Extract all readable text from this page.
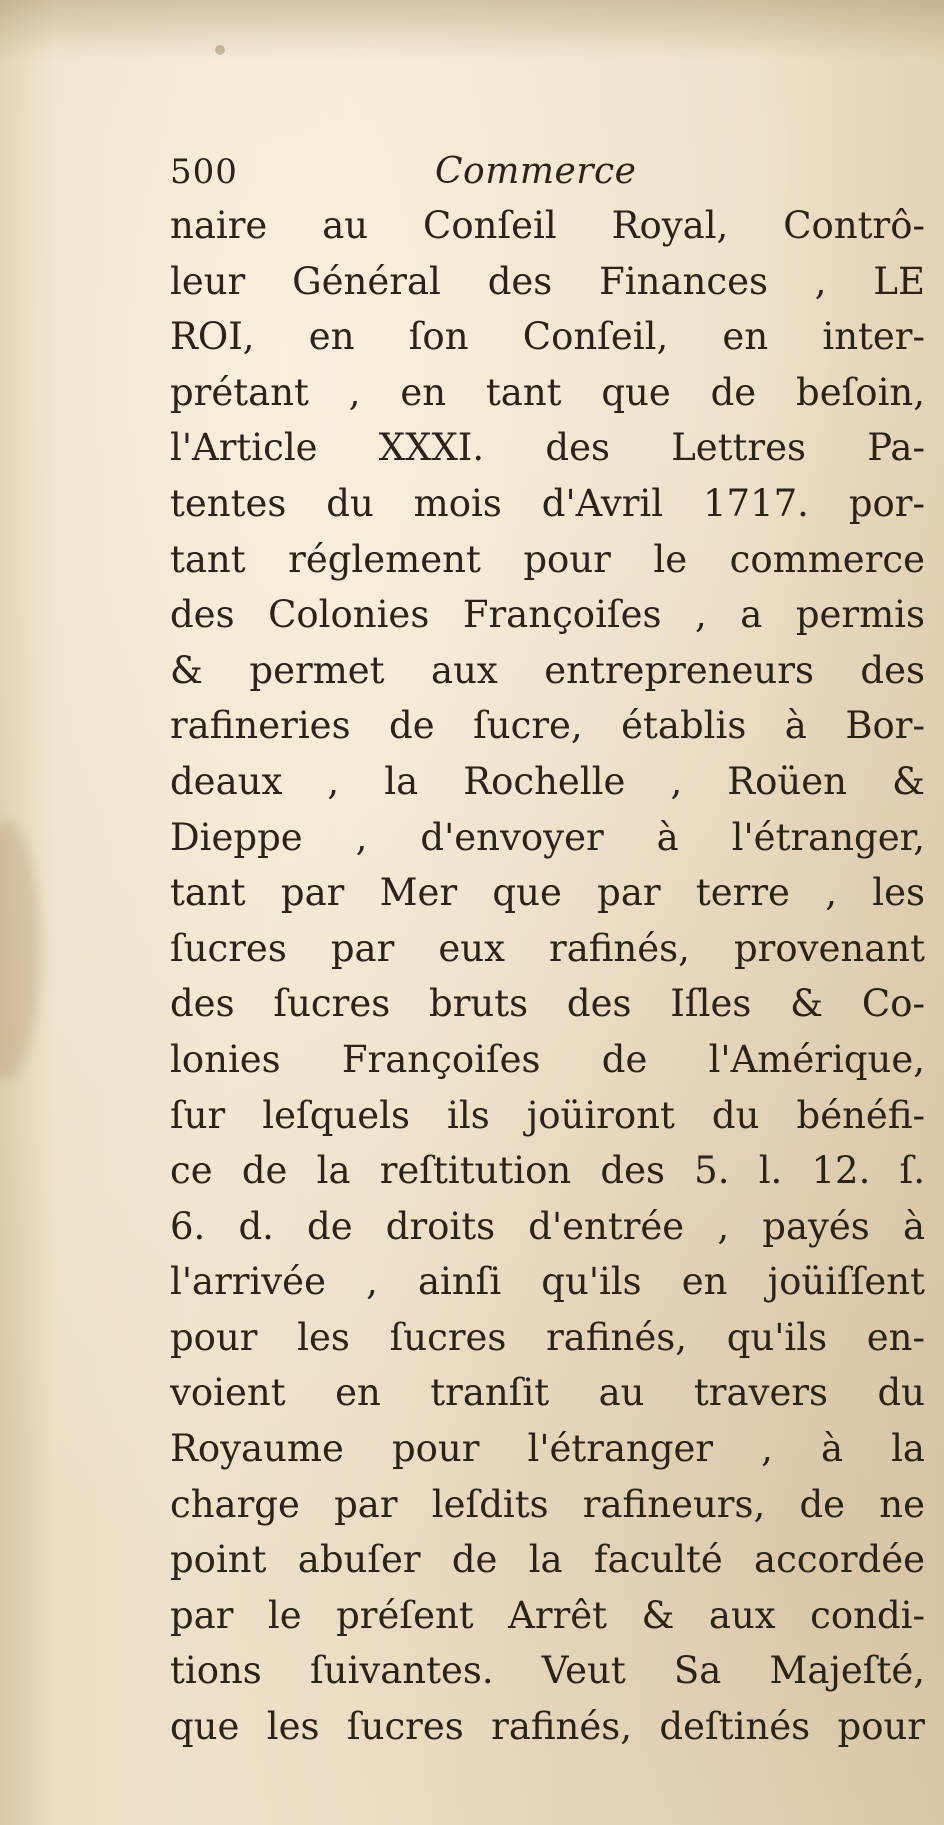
500	Commerce
naire au Conſeil Royal, Contrô-
leur Général des Finances , LE
ROI, en ſon Conſeil, en inter-
prétant , en tant que de beſoin,
l'Article XXXI. des Lettres Pa-
tentes du mois d'Avril 1717. por-
tant réglement pour le commerce
des Colonies Françoiſes , a permis
& permet aux entrepreneurs des
rafineries de ſucre, établis à Bor-
deaux , la Rochelle , Roüen &
Dieppe , d'envoyer à l'étranger,
tant par Mer que par terre , les
ſucres par eux rafinés, provenant
des ſucres bruts des Iſles & Co-
lonies Françoiſes de l'Amérique,
ſur leſquels ils joüiront du bénéfi-
ce de la reſtitution des 5. l. 12. ſ.
6. d. de droits d'entrée , payés à
l'arrivée , ainſi qu'ils en joüiſſent
pour les ſucres rafinés, qu'ils en-
voient en tranſit au travers du
Royaume pour l'étranger , à la
charge par leſdits rafineurs, de ne
point abuſer de la faculté accordée
par le préſent Arrêt & aux condi-
tions ſuivantes. Veut Sa Majeſté,
que les ſucres rafinés, deſtinés pour
